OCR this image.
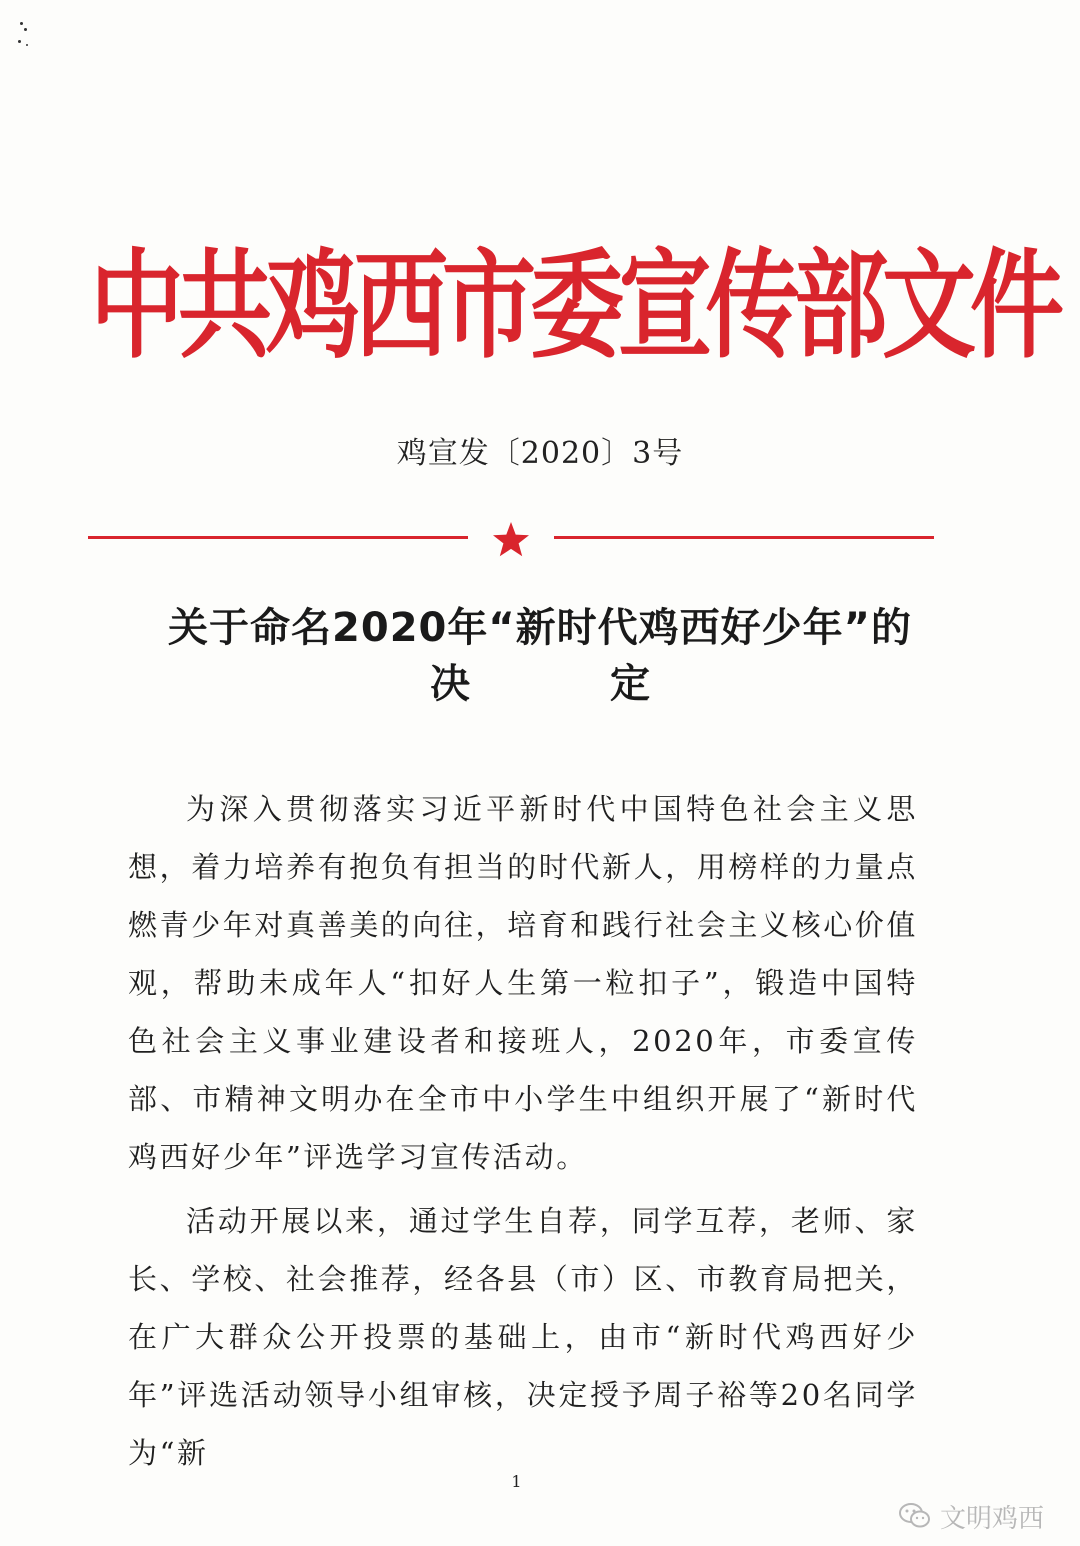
中共鸡西市委宣传部文件
鸡宣发〔2020〕3号
关于命名2020年“新时代鸡西好少年”的
决定

为深入贯彻落实习近平新时代中国特色社会主义思想，着力培养有抱负有担当的时代新人，用榜样的力量点燃青少年对真善美的向往，培育和践行社会主义核心价值观，帮助未成年人“扣好人生第一粒扣子”，锻造中国特色社会主义事业建设者和接班人，2020年，市委宣传部、市精神文明办在全市中小学生中组织开展了“新时代鸡西好少年”评选学习宣传活动。

活动开展以来，通过学生自荐，同学互荐，老师、家长、学校、社会推荐，经各县（市）区、市教育局把关，在广大群众公开投票的基础上，由市“新时代鸡西好少年”评选活动领导小组审核，决定授予周子裕等20名同学为“新

1
文明鸡西
